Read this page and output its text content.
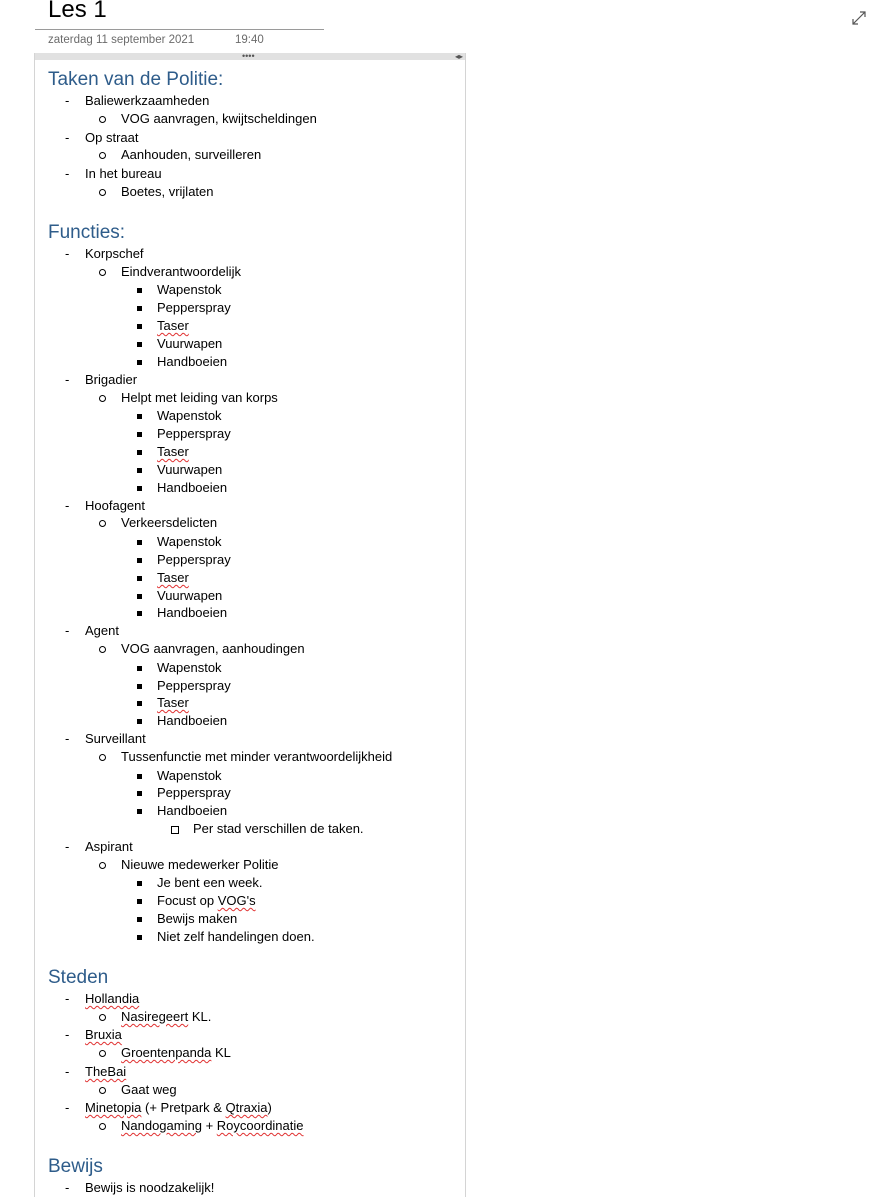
Les 1
zaterdag 11 september 2021	19:40
••••	◂▸
Taken van de Politie:
- Baliewerkzaamheden
VOG aanvragen, kwijtscheldingen
- Op straat
Aanhouden, surveilleren
- In het bureau
Boetes, vrijlaten
Functies:
- Korpschef
Eindverantwoordelijk
Wapenstok
Pepperspray
Taser
Vuurwapen
Handboeien
- Brigadier
Helpt met leiding van korps
Wapenstok
Pepperspray
Taser
Vuurwapen
Handboeien
- Hoofagent
Verkeersdelicten
Wapenstok
Pepperspray
Taser
Vuurwapen
Handboeien
- Agent
VOG aanvragen, aanhoudingen
Wapenstok
Pepperspray
Taser
Handboeien
- Surveillant
Tussenfunctie met minder verantwoordelijkheid
Wapenstok
Pepperspray
Handboeien
Per stad verschillen de taken.
- Aspirant
Nieuwe medewerker Politie
Je bent een week.
Focust op VOG's
Bewijs maken
Niet zelf handelingen doen.
Steden
- Hollandia
Nasiregeert KL.
- Bruxia
Groentenpanda KL
- TheBai
Gaat weg
- Minetopia (+ Pretpark & Qtraxia)
Nandogaming + Roycoordinatie
Bewijs
- Bewijs is noodzakelijk!
